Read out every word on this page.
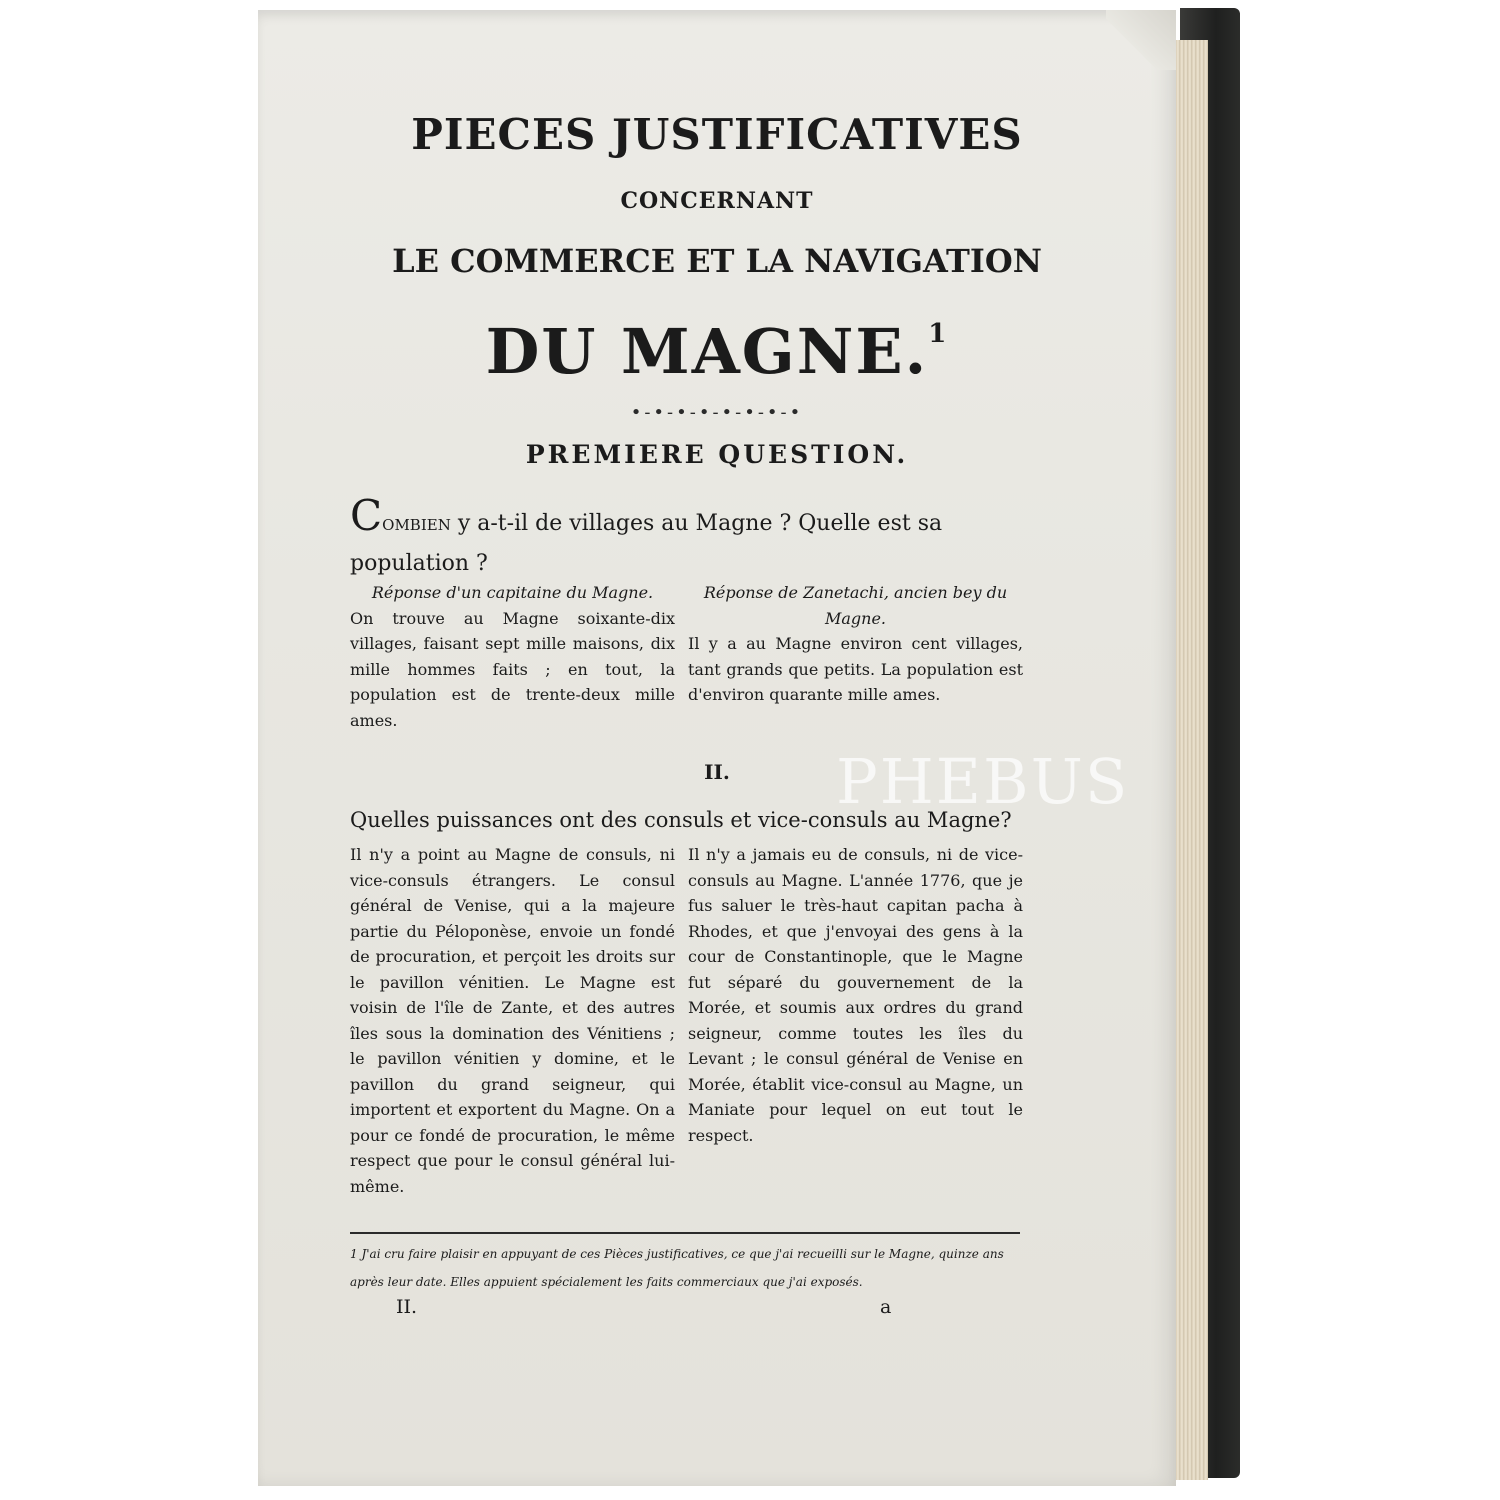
PIECES JUSTIFICATIVES
CONCERNANT
LE COMMERCE ET LA NAVIGATION
DU MAGNE.$^1$
•-•-•-•-•-•-•-•
PREMIERE QUESTION.
Combien y a-t-il de villages au Magne ? Quelle est sa population ?
Réponse d'un capitaine du Magne.
On trouve au Magne soixante-dix villages, faisant sept mille maisons, dix mille hommes faits ; en tout, la population est de trente-deux mille ames.
Réponse de Zanetachi, ancien bey du Magne.
Il y a au Magne environ cent villages, tant grands que petits. La population est d'environ quarante mille ames.
II.
Quelles puissances ont des consuls et vice-consuls au Magne?
Il n'y a point au Magne de consuls, ni vice-consuls étrangers. Le consul général de Venise, qui a la majeure partie du Péloponèse, envoie un fondé de procuration, et perçoit les droits sur le pavillon vénitien. Le Magne est voisin de l'île de Zante, et des autres îles sous la domination des Vénitiens ; le pavillon vénitien y domine, et le pavillon du grand seigneur, qui importent et exportent du Magne. On a pour ce fondé de procuration, le même respect que pour le consul général lui-même.
Il n'y a jamais eu de consuls, ni de vice-consuls au Magne. L'année 1776, que je fus saluer le très-haut capitan pacha à Rhodes, et que j'envoyai des gens à la cour de Constantinople, que le Magne fut séparé du gouvernement de la Morée, et soumis aux ordres du grand seigneur, comme toutes les îles du Levant ; le consul général de Venise en Morée, établit vice-consul au Magne, un Maniate pour lequel on eut tout le respect.
1 J'ai cru faire plaisir en appuyant de ces Pièces justificatives, ce que j'ai recueilli sur le Magne, quinze ans après leur date. Elles appuient spécialement les faits commerciaux que j'ai exposés.
II.	a
PHEBUS
